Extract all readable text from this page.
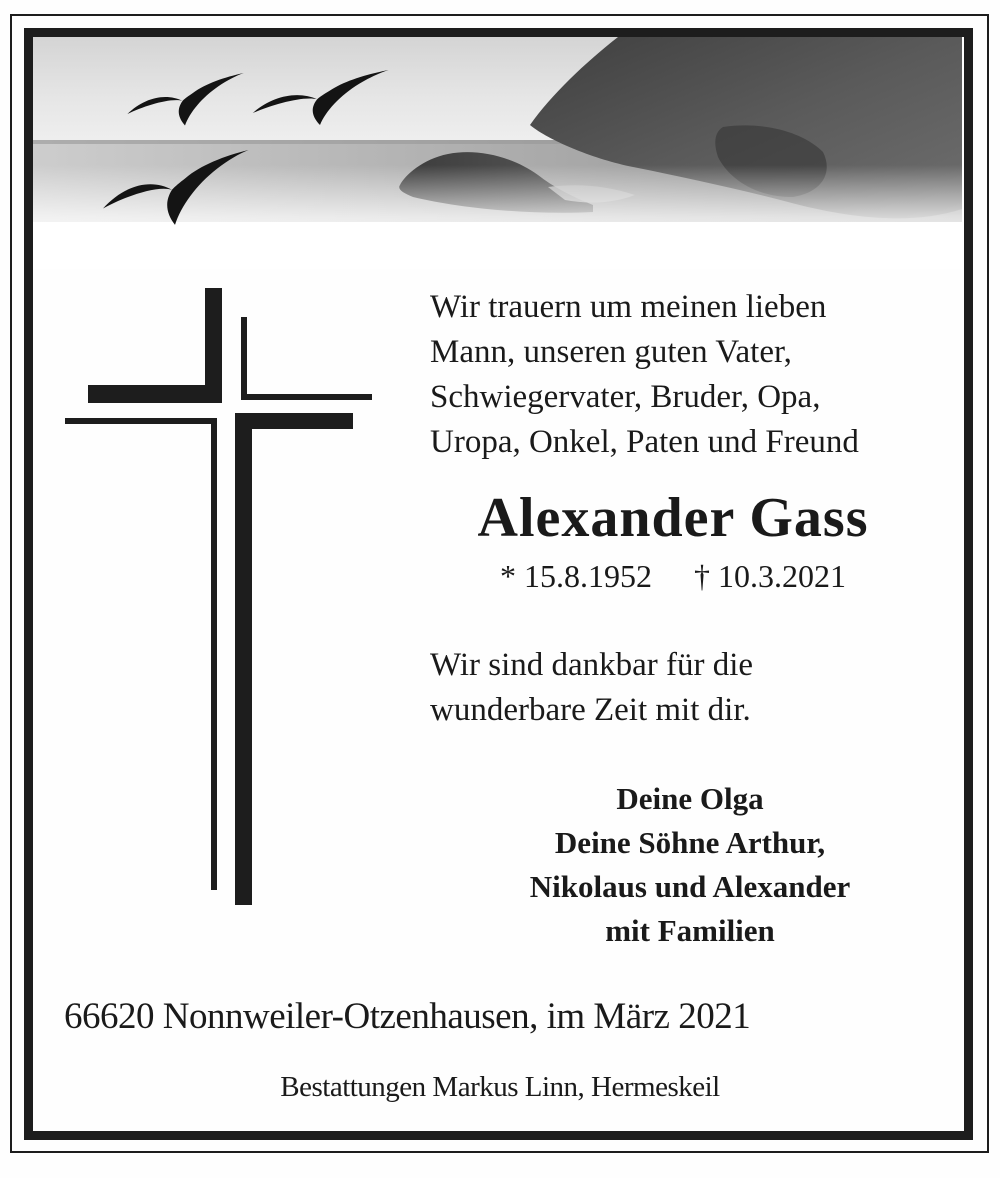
Wir trauern um meinen lieben
Mann, unseren guten Vater,
Schwiegervater, Bruder, Opa,
Uropa, Onkel, Paten und Freund
Alexander Gass
* 15.8.1952 † 10.3.2021
Wir sind dankbar für die
wunderbare Zeit mit dir.
Deine Olga
Deine Söhne Arthur,
Nikolaus und Alexander
mit Familien
66620 Nonnweiler-Otzenhausen, im März 2021
Bestattungen Markus Linn, Hermeskeil
